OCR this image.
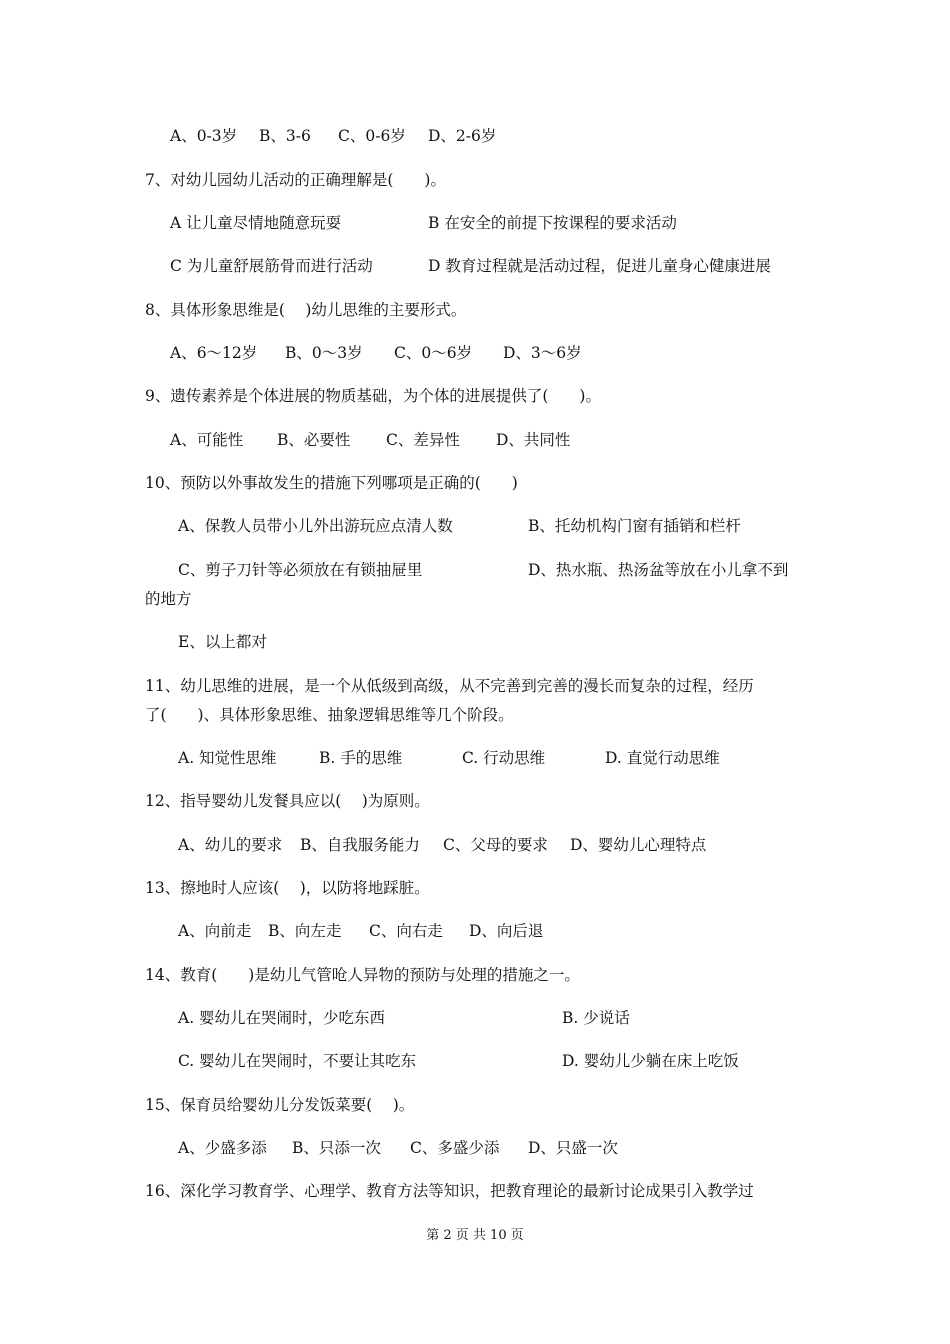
A、0-3岁 B、3-6 C、0-6岁 D、2-6岁
7、对幼儿园幼儿活动的正确理解是(　　)。
A 让儿童尽情地随意玩耍	B 在安全的前提下按课程的要求活动
C 为儿童舒展筋骨而进行活动	D 教育过程就是活动过程，促进儿童身心健康进展
8、具体形象思维是(　 )幼儿思维的主要形式。
A、6～12岁 B、0～3岁 C、0～6岁 D、3～6岁
9、遗传素养是个体进展的物质基础，为个体的进展提供了(　　)。
A、可能性 B、必要性 C、差异性 D、共同性
10、预防以外事故发生的措施下列哪项是正确的(　　)
A、保教人员带小儿外出游玩应点清人数	B、托幼机构门窗有插销和栏杆
C、剪子刀针等必须放在有锁抽屉里	D、热水瓶、热汤盆等放在小儿拿不到
的地方
E、以上都对
11、幼儿思维的进展，是一个从低级到高级，从不完善到完善的漫长而复杂的过程，经历
了(　　)、具体形象思维、抽象逻辑思维等几个阶段。
A. 知觉性思维	B. 手的思维	C. 行动思维	D. 直觉行动思维
12、指导婴幼儿发餐具应以(　 )为原则。
A、幼儿的要求 B、自我服务能力 C、父母的要求 D、婴幼儿心理特点
13、擦地时人应该(　 )，以防将地踩脏。
A、向前走 B、向左走 C、向右走 D、向后退
14、教育(　　)是幼儿气管呛人异物的预防与处理的措施之一。
A. 婴幼儿在哭闹时，少吃东西	B. 少说话
C. 婴幼儿在哭闹时，不要让其吃东	D. 婴幼儿少躺在床上吃饭
15、保育员给婴幼儿分发饭菜要(　 )。
A、少盛多添 B、只添一次 C、多盛少添 D、只盛一次
16、深化学习教育学、心理学、教育方法等知识，把教育理论的最新讨论成果引入教学过
第 2 页 共 10 页
